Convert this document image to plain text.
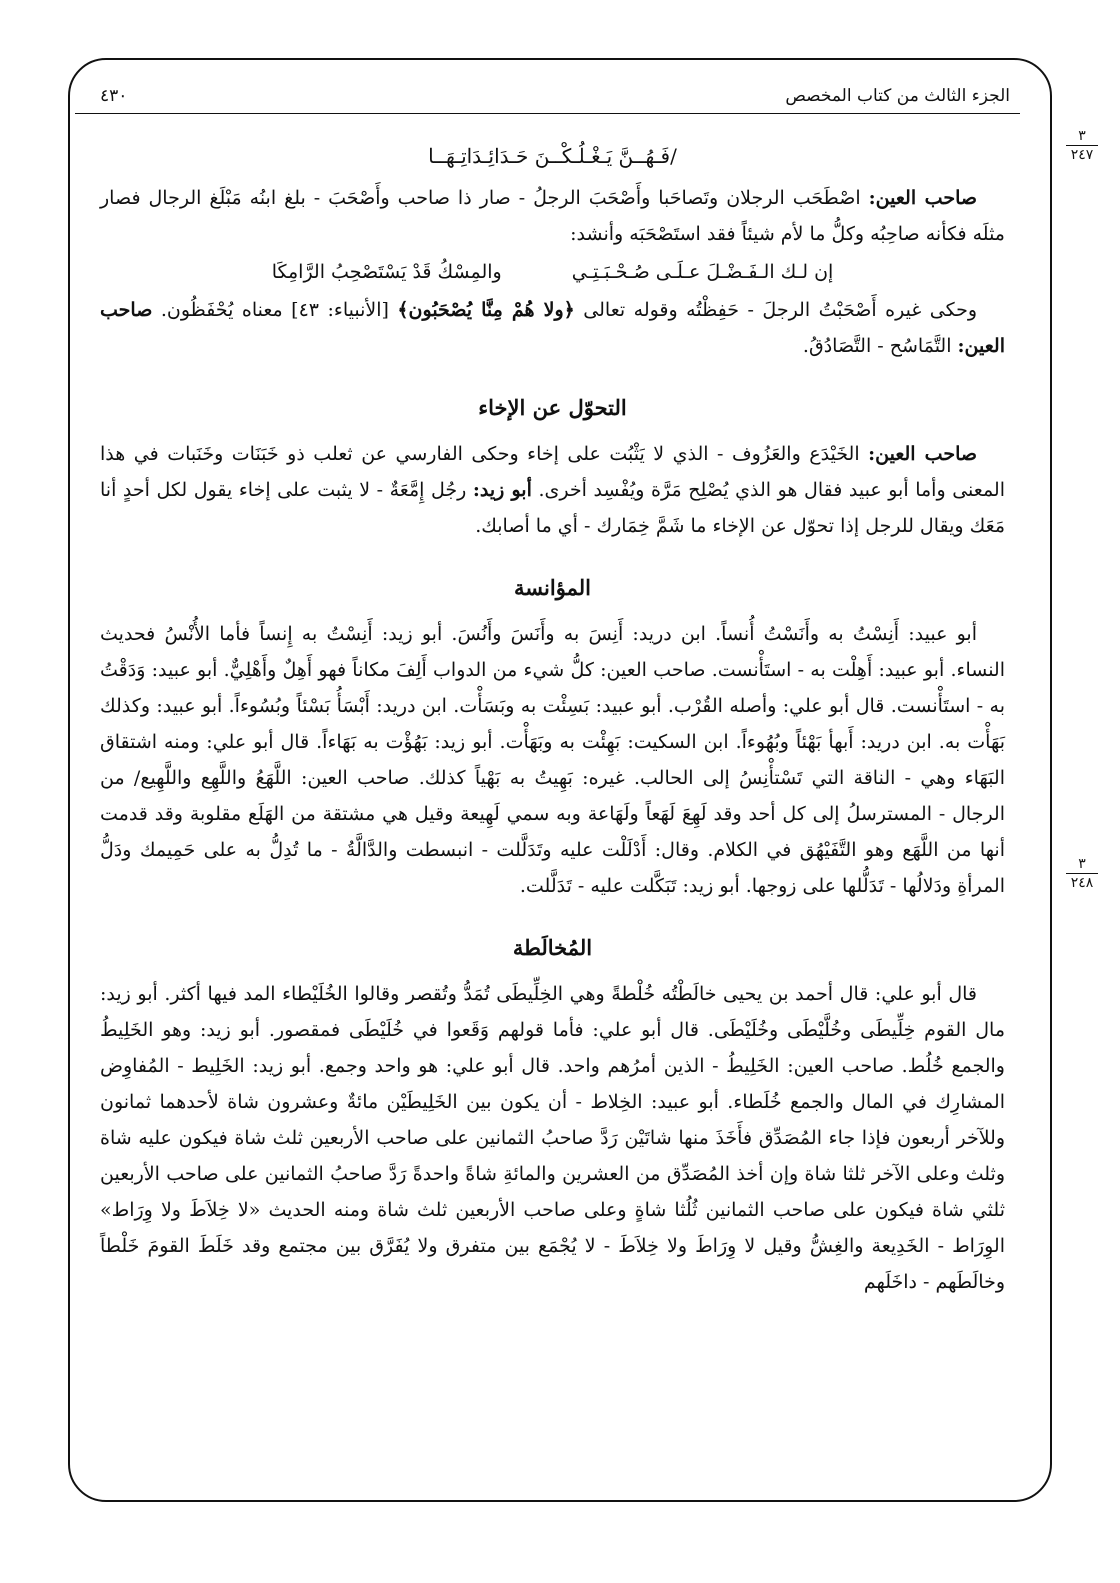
الجزء الثالث من كتاب المخصص
٤٣٠
٣
٢٤٧
٣
٢٤٨
/فَـهُــنَّ يَـغْـلُـكْــنَ حَـدَائِـدَاتِـهَــا

صاحب العين: اصْطَحَب الرجلان وتَصاحَبا وأَصْحَبَ الرجلُ - صار ذا صاحب وأَصْحَبَ - بلغ ابنُه مَبْلَغ الرجال فصار مثلَه فكأنه صاحِبُه وكلُّ ما لأم شيئاً فقد استَصْحَبَه وأنشد:

إن لـك الـفَـضْـلَ عـلَـى صُـحْـبَـتِـي
والمِسْكُ قَدْ يَسْتَصْحِبُ الرَّامِكَا

وحكى غيره أَصْحَبْتُ الرجلَ - حَفِظْتُه وقوله تعالى ﴿ولا هُمْ مِنَّا يُصْحَبُون﴾ [الأنبياء: ٤٣] معناه يُحْفَظُون. صاحب العين: التَّمَاسُح - التَّصَادُقُ.

التحوّل عن الإخاء

صاحب العين: الخَيْدَع والعَزُوف - الذي لا يَثْبُت على إخاء وحكى الفارسي عن ثعلب ذو خَبَنَات وخَنَبات في هذا المعنى وأما أبو عبيد فقال هو الذي يُصْلِح مَرَّة ويُفْسِد أخرى. أبو زيد: رجُل إِمَّعَةٌ - لا يثبت على إخاء يقول لكل أحدٍ أنا مَعَك ويقال للرجل إذا تحوّل عن الإخاء ما شَمَّ خِمَارك - أي ما أصابك.

المؤانسة

أبو عبيد: أَنِسْتُ به وأَنَسْتُ أُنساً. ابن دريد: أَنِسَ به وأَنَسَ وأَنُسَ. أبو زيد: أَنِسْتُ به إِنساً فأما الأُنْسُ فحديث النساء. أبو عبيد: أَهِلْت به - استَأْنست. صاحب العين: كلُّ شيء من الدواب أَلِفَ مكاناً فهو أَهِلٌ وأَهْلِيٌّ. أبو عبيد: وَدَقْتُ به - استَأْنست. قال أبو علي: وأصله القُرْب. أبو عبيد: بَسِئْت به وبَسَأْت. ابن دريد: أَبْسَأُ بَسْئاً وبُسُوءاً. أبو عبيد: وكذلك بَهَأْت به. ابن دريد: أَبهأ بَهْئاً وبُهُوءاً. ابن السكيت: بَهِئْت به وبَهَأْت. أبو زيد: بَهُؤْت به بَهَاءاً. قال أبو علي: ومنه اشتقاق البَهَاء وهي - الناقة التي تَسْتأْنِسُ إلى الحالب. غيره: بَهِيتُ به بَهْياً كذلك. صاحب العين: اللَّهَعُ واللَّهِع واللَّهِيع/ من الرجال - المسترسلُ إلى كل أحد وقد لَهِعَ لَهَعاً ولَهَاعة وبه سمي لَهِيعة وقيل هي مشتقة من الهَلَع مقلوبة وقد قدمت أنها من اللَّهَع وهو التَّفَيْهُق في الكلام. وقال: أَدْلَلْت عليه وتَدَلَّلت - انبسطت والدَّالَّةُ - ما تُدِلُّ به على حَمِيمك ودَلُّ المرأةِ ودَلالُها - تَدَلُّلها على زوجها. أبو زيد: تَبَكَّلت عليه - تَدَلَّلت.

المُخالَطة

قال أبو علي: قال أحمد بن يحيى خالَطْتُه خُلْطةً وهي الخِلِّيطَى تُمَدُّ وتُقصر وقالوا الخُلَيْطاء المد فيها أكثر. أبو زيد: مال القوم خِلِّيطَى وخُلَّيْطَى وخُلَيْطَى. قال أبو علي: فأما قولهم وَقَعوا في خُلَيْطَى فمقصور. أبو زيد: وهو الخَلِيطُ والجمع خُلُط. صاحب العين: الخَلِيطُ - الذين أمرُهم واحد. قال أبو علي: هو واحد وجمع. أبو زيد: الخَلِيط - المُفاوِض المشارِك في المال والجمع خُلَطاء. أبو عبيد: الخِلاط - أن يكون بين الخَلِيطَيْن مائةٌ وعشرون شاة لأحدهما ثمانون وللآخر أربعون فإذا جاء المُصَدِّق فأَخَذَ منها شاتَيْن رَدَّ صاحبُ الثمانين على صاحب الأربعين ثلث شاة فيكون عليه شاة وثلث وعلى الآخر ثلثا شاة وإن أخذ المُصَدِّق من العشرين والمائةِ شاةً واحدةً رَدَّ صاحبُ الثمانين على صاحب الأربعين ثلثي شاة فيكون على صاحب الثمانين ثُلُثا شاةٍ وعلى صاحب الأربعين ثلث شاة ومنه الحديث «لا خِلاَطَ ولا وِرَاط» الوِرَاط - الخَدِيعة والغِشُّ وقيل لا وِرَاطَ ولا خِلاَطَ - لا يُجْمَع بين متفرق ولا يُفَرَّق بين مجتمع وقد خَلَطَ القومَ خَلْطاً وخالَطَهم - داخَلَهم
